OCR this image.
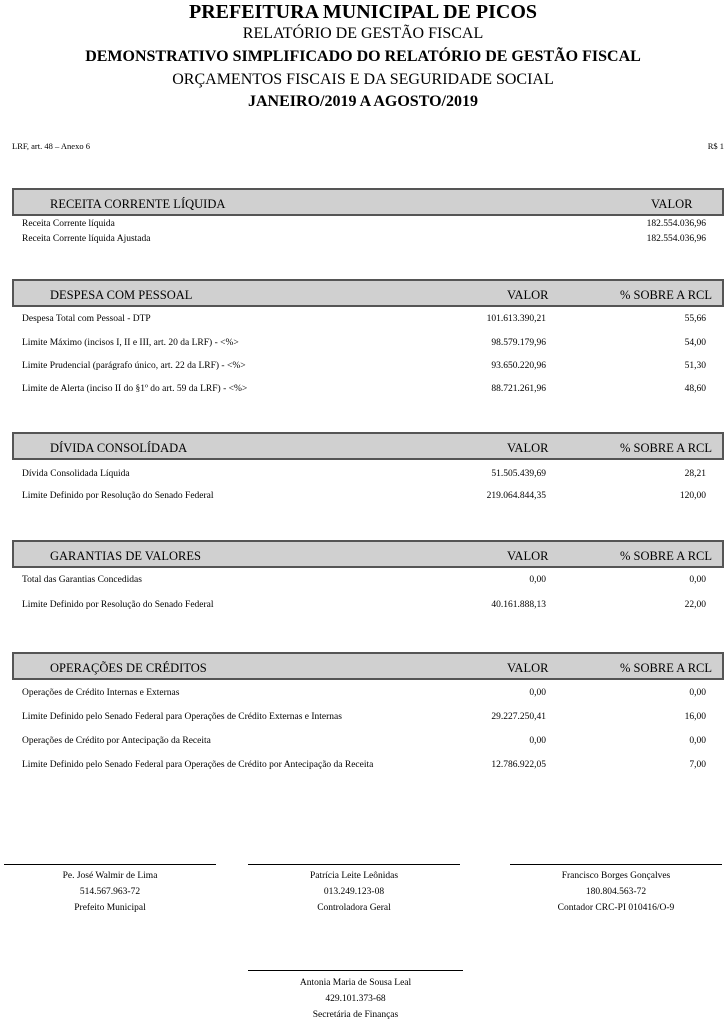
PREFEITURA MUNICIPAL DE PICOS
RELATÓRIO DE GESTÃO FISCAL
DEMONSTRATIVO SIMPLIFICADO DO RELATÓRIO DE GESTÃO FISCAL
ORÇAMENTOS FISCAIS E DA SEGURIDADE SOCIAL
JANEIRO/2019 A AGOSTO/2019
LRF, art. 48 – Anexo 6	R$ 1
RECEITA CORRENTE LÍQUIDA	VALOR
Receita Corrente líquida	182.554.036,96
Receita Corrente líquida Ajustada	182.554.036,96
DESPESA COM PESSOAL	VALOR	% SOBRE A RCL
Despesa Total com Pessoal - DTP	101.613.390,21	55,66
Limite Máximo (incisos I, II e III, art. 20 da LRF) - <%>	98.579.179,96	54,00
Limite Prudencial (parágrafo único, art. 22 da LRF) - <%>	93.650.220,96	51,30
Limite de Alerta (inciso II do §1º do art. 59 da LRF) - <%>	88.721.261,96	48,60
DÍVIDA CONSOLÍDADA	VALOR	% SOBRE A RCL
Dívida Consolidada Líquida	51.505.439,69	28,21
Limite Definido por Resolução do Senado Federal	219.064.844,35	120,00
GARANTIAS DE VALORES	VALOR	% SOBRE A RCL
Total das Garantias Concedidas	0,00	0,00
Limite Definido por Resolução do Senado Federal	40.161.888,13	22,00
OPERAÇÕES DE CRÉDITOS	VALOR	% SOBRE A RCL
Operações de Crédito Internas e Externas	0,00	0,00
Limite Definido pelo Senado Federal para Operações de Crédito Externas e Internas	29.227.250,41	16,00
Operações de Crédito por Antecipação da Receita	0,00	0,00
Limite Definido pelo Senado Federal para Operações de Crédito por Antecipação da Receita	12.786.922,05	7,00
Pe. José Walmir de Lima
514.567.963-72
Prefeito Municipal
Patrícia Leite Leônidas
013.249.123-08
Controladora Geral
Francisco Borges Gonçalves
180.804.563-72
Contador CRC-PI 010416/O-9
Antonia Maria de Sousa Leal
429.101.373-68
Secretária de Finanças
